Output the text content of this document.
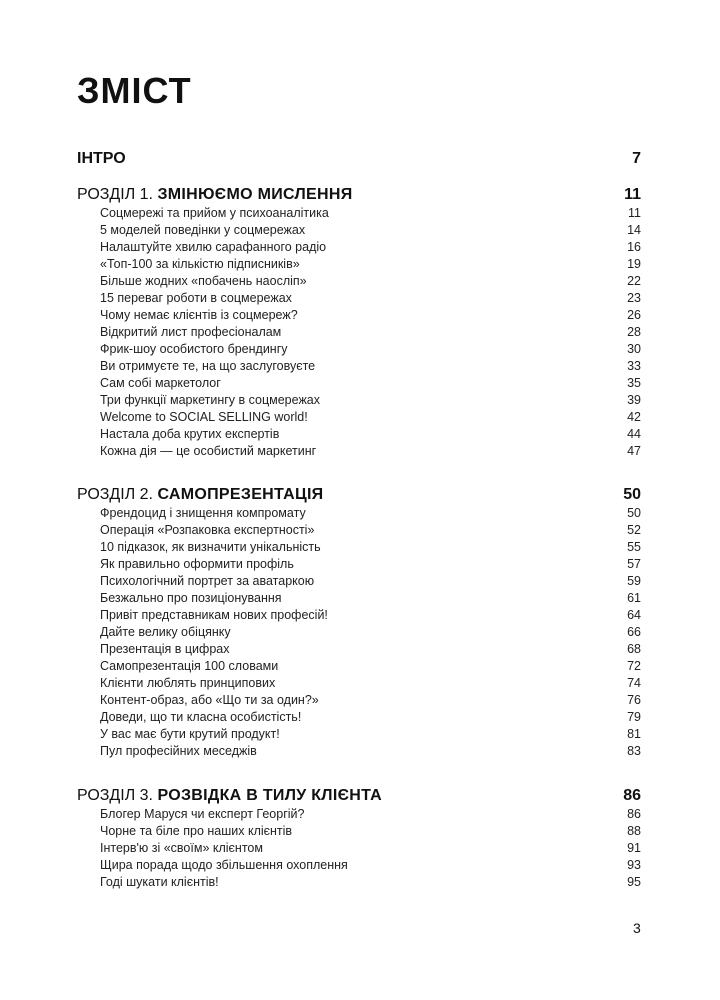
ЗМІСТ
ІНТРО	7
РОЗДІЛ 1. ЗМІНЮЄМО МИСЛЕННЯ	11
Соцмережі та прийом у психоаналітика	11
5 моделей поведінки у соцмережах	14
Налаштуйте хвилю сарафанного радіо	16
«Топ-100 за кількістю підписників»	19
Більше жодних «побачень наосліп»	22
15 переваг роботи в соцмережах	23
Чому немає клієнтів із соцмереж?	26
Відкритий лист професіоналам	28
Фрик-шоу особистого брендингу	30
Ви отримуєте те, на що заслуговуєте	33
Сам собі маркетолог	35
Три функції маркетингу в соцмережах	39
Welcome to SOCIAL SELLING world!	42
Настала доба крутих експертів	44
Кожна дія — це особистий маркетинг	47
РОЗДІЛ 2. САМОПРЕЗЕНТАЦІЯ	50
Френдоцид і знищення компромату	50
Операція «Розпаковка експертності»	52
10 підказок, як визначити унікальність	55
Як правильно оформити профіль	57
Психологічний портрет за аватаркою	59
Безжально про позиціонування	61
Привіт представникам нових професій!	64
Дайте велику обіцянку	66
Презентація в цифрах	68
Самопрезентація 100 словами	72
Клієнти люблять принципових	74
Контент-образ, або «Що ти за один?»	76
Доведи, що ти класна особистість!	79
У вас має бути крутий продукт!	81
Пул професійних меседжів	83
РОЗДІЛ 3. РОЗВІДКА В ТИЛУ КЛІЄНТА	86
Блогер Маруся чи експерт Георгій?	86
Чорне та біле про наших клієнтів	88
Інтерв'ю зі «своїм» клієнтом	91
Щира порада щодо збільшення охоплення	93
Годі шукати клієнтів!	95
3
